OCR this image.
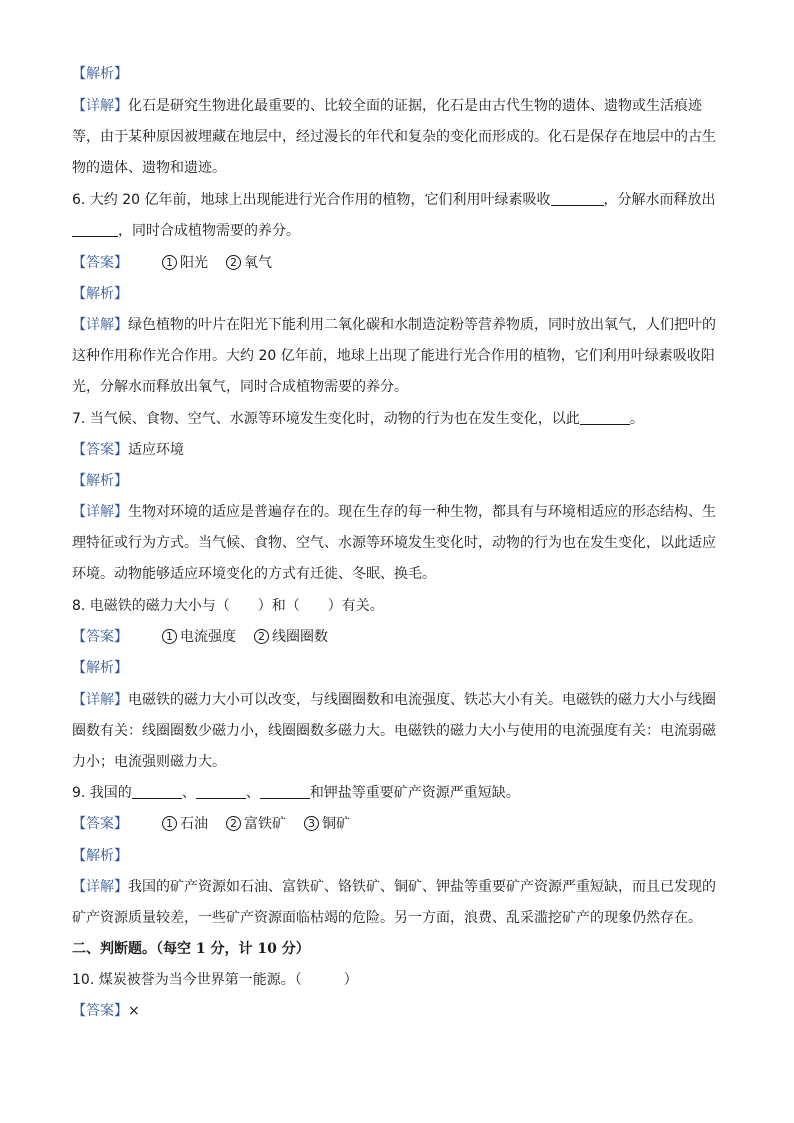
【解析】
【详解】化石是研究生物进化最重要的、比较全面的证据，化石是由古代生物的遗体、遗物或生活痕迹
等，由于某种原因被埋藏在地层中，经过漫长的年代和复杂的变化而形成的。化石是保存在地层中的古生
物的遗体、遗物和遗迹。
6. 大约 20 亿年前，地球上出现能进行光合作用的植物，它们利用叶绿素吸收	，分解水而释放出
，同时合成植物需要的养分。
【答案】	1 阳光 2 氧气
【解析】
【详解】绿色植物的叶片在阳光下能利用二氧化碳和水制造淀粉等营养物质，同时放出氧气，人们把叶的
这种作用称作光合作用。大约 20 亿年前，地球上出现了能进行光合作用的植物，它们利用叶绿素吸收阳
光，分解水而释放出氧气，同时合成植物需要的养分。
7. 当气候、食物、空气、水源等环境发生变化时，动物的行为也在发生变化，以此	。
【答案】适应环境
【解析】
【详解】生物对环境的适应是普遍存在的。现在生存的每一种生物，都具有与环境相适应的形态结构、生
理特征或行为方式。当气候、食物、空气、水源等环境发生变化时，动物的行为也在发生变化，以此适应
环境。动物能够适应环境变化的方式有迁徙、冬眠、换毛。
8. 电磁铁的磁力大小与（　　）和（　　）有关。
【答案】	1 电流强度 2 线圈圈数
【解析】
【详解】电磁铁的磁力大小可以改变，与线圈圈数和电流强度、铁芯大小有关。电磁铁的磁力大小与线圈
圈数有关：线圈圈数少磁力小，线圈圈数多磁力大。电磁铁的磁力大小与使用的电流强度有关：电流弱磁
力小；电流强则磁力大。
9. 我国的	、	、	和钾盐等重要矿产资源严重短缺。
【答案】	1 石油 2 富铁矿 3 铜矿
【解析】
【详解】我国的矿产资源如石油、富铁矿、铬铁矿、铜矿、钾盐等重要矿产资源严重短缺，而且已发现的
矿产资源质量较差，一些矿产资源面临枯竭的危险。另一方面，浪费、乱采滥挖矿产的现象仍然存在。
二、判断题。（每空 1 分，计 10 分）
10. 煤炭被誉为当今世界第一能源。（　　　）
【答案】×
